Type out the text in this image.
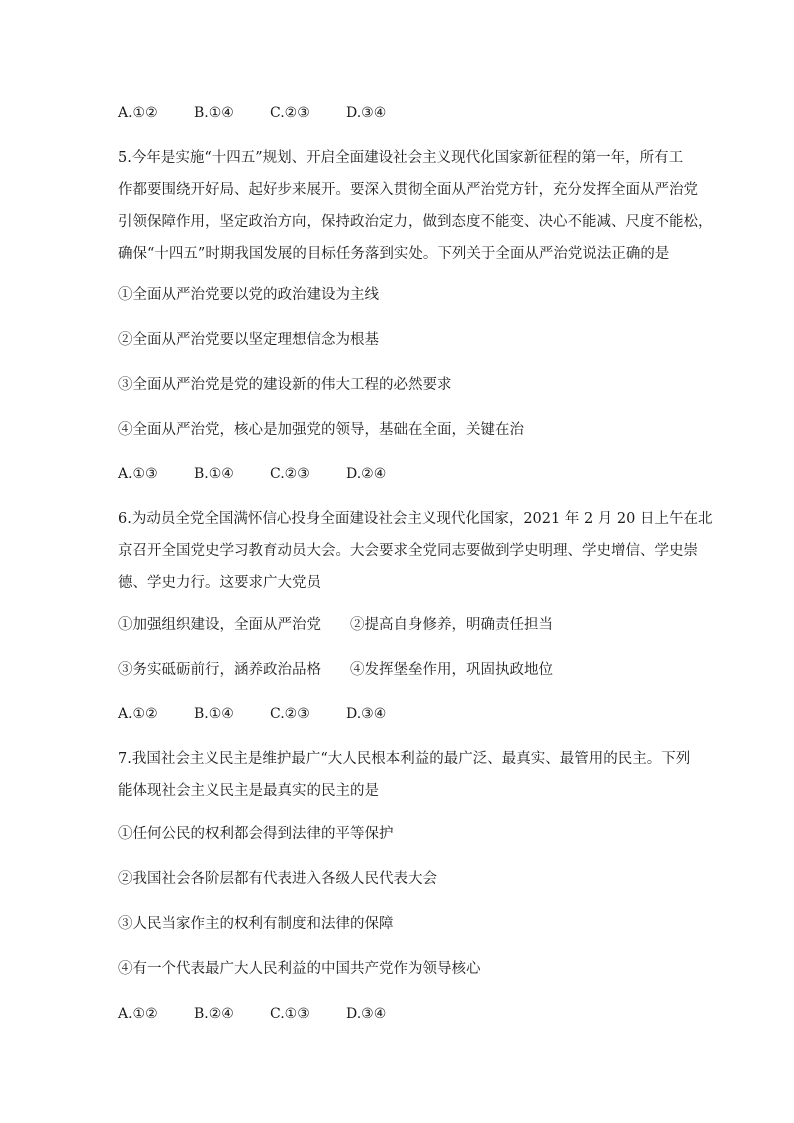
A.①②	B.①④	C.②③	D.③④
5.今年是实施“十四五”规划、开启全面建设社会主义现代化国家新征程的第一年，所有工
作都要围绕开好局、起好步来展开。要深入贯彻全面从严治党方针，充分发挥全面从严治党
引领保障作用，坚定政治方向，保持政治定力，做到态度不能变、决心不能减、尺度不能松，
确保“十四五”时期我国发展的目标任务落到实处。下列关于全面从严治党说法正确的是
①全面从严治党要以党的政治建设为主线
②全面从严治党要以坚定理想信念为根基
③全面从严治党是党的建设新的伟大工程的必然要求
④全面从严治党，核心是加强党的领导，基础在全面，关键在治
A.①③	B.①④	C.②③	D.②④
6.为动员全党全国满怀信心投身全面建设社会主义现代化国家，2021 年 2 月 20 日上午在北
京召开全国党史学习教育动员大会。大会要求全党同志要做到学史明理、学史增信、学史崇
德、学史力行。这要求广大党员
①加强组织建设，全面从严治党 ②提高自身修养，明确责任担当
③务实砥砺前行，涵养政治品格 ④发挥堡垒作用，巩固执政地位
A.①②	B.①④	C.②③	D.③④
7.我国社会主义民主是维护最广“大人民根本利益的最广泛、最真实、最管用的民主。下列
能体现社会主义民主是最真实的民主的是
①任何公民的权利都会得到法律的平等保护
②我国社会各阶层都有代表进入各级人民代表大会
③人民当家作主的权利有制度和法律的保障
④有一个代表最广大人民利益的中国共产党作为领导核心
A.①②	B.②④	C.①③	D.③④
